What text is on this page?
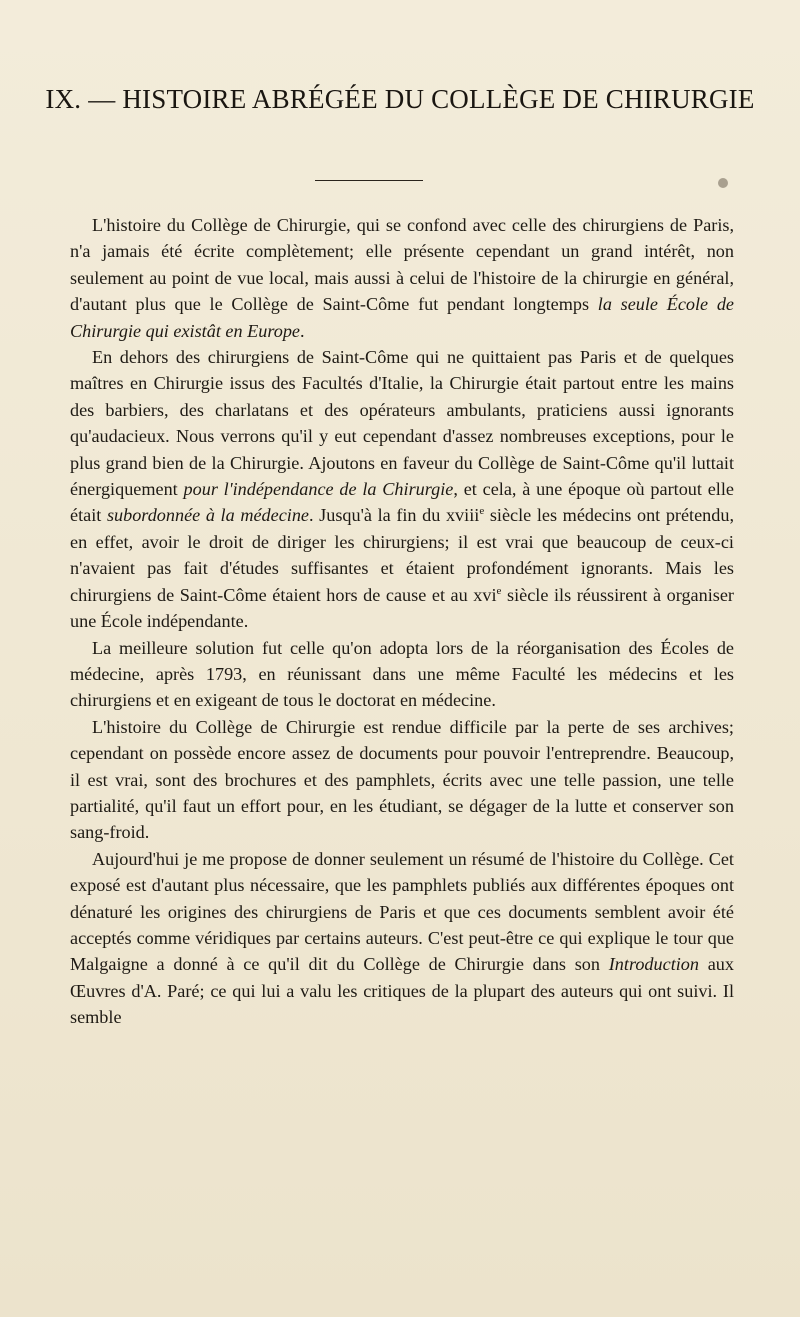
IX. — HISTOIRE ABRÉGÉE DU COLLÈGE DE CHIRURGIE

L'histoire du Collège de Chirurgie, qui se confond avec celle des chirurgiens de Paris, n'a jamais été écrite complètement; elle présente cependant un grand intérêt, non seulement au point de vue local, mais aussi à celui de l'histoire de la chirurgie en général, d'autant plus que le Collège de Saint-Côme fut pendant longtemps la seule École de Chirurgie qui existât en Europe.

En dehors des chirurgiens de Saint-Côme qui ne quittaient pas Paris et de quelques maîtres en Chirurgie issus des Facultés d'Italie, la Chirurgie était partout entre les mains des barbiers, des charlatans et des opérateurs ambulants, praticiens aussi ignorants qu'audacieux. Nous verrons qu'il y eut cependant d'assez nombreuses exceptions, pour le plus grand bien de la Chirurgie. Ajoutons en faveur du Collège de Saint-Côme qu'il luttait énergiquement pour l'indépendance de la Chirurgie, et cela, à une époque où partout elle était subordonnée à la médecine. Jusqu'à la fin du xviii$^e$ siècle les médecins ont prétendu, en effet, avoir le droit de diriger les chirurgiens; il est vrai que beaucoup de ceux-ci n'avaient pas fait d'études suffisantes et étaient profondément ignorants. Mais les chirurgiens de Saint-Côme étaient hors de cause et au xvi$^e$ siècle ils réussirent à organiser une École indépendante.

La meilleure solution fut celle qu'on adopta lors de la réorganisation des Écoles de médecine, après 1793, en réunissant dans une même Faculté les médecins et les chirurgiens et en exigeant de tous le doctorat en médecine.

L'histoire du Collège de Chirurgie est rendue difficile par la perte de ses archives; cependant on possède encore assez de documents pour pouvoir l'entreprendre. Beaucoup, il est vrai, sont des brochures et des pamphlets, écrits avec une telle passion, une telle partialité, qu'il faut un effort pour, en les étudiant, se dégager de la lutte et conserver son sang-froid.

Aujourd'hui je me propose de donner seulement un résumé de l'histoire du Collège. Cet exposé est d'autant plus nécessaire, que les pamphlets publiés aux différentes époques ont dénaturé les origines des chirurgiens de Paris et que ces documents semblent avoir été acceptés comme véridiques par certains auteurs. C'est peut-être ce qui explique le tour que Malgaigne a donné à ce qu'il dit du Collège de Chirurgie dans son Introduction aux Œuvres d'A. Paré; ce qui lui a valu les critiques de la plupart des auteurs qui ont suivi. Il semble
